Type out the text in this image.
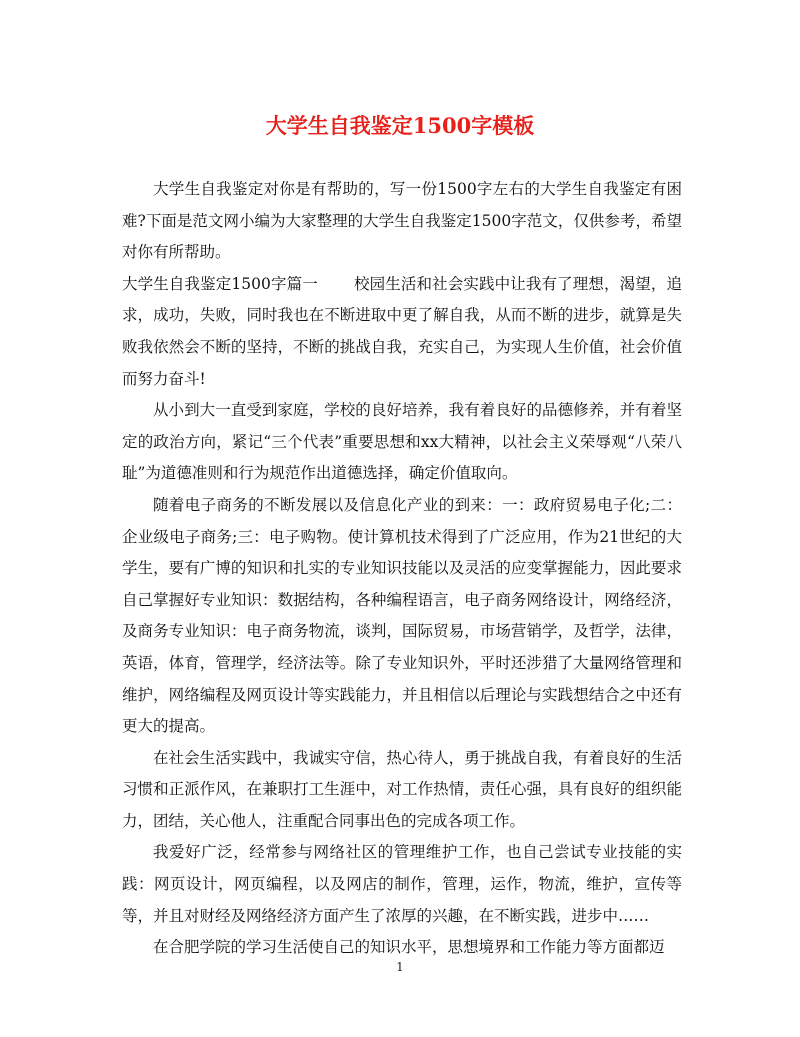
大学生自我鉴定1500字模板

大学生自我鉴定对你是有帮助的，写一份1500字左右的大学生自我鉴定有困难?下面是范文网小编为大家整理的大学生自我鉴定1500字范文，仅供参考，希望对你有所帮助。

大学生自我鉴定1500字篇一 校园生活和社会实践中让我有了理想，渴望，追求，成功，失败，同时我也在不断进取中更了解自我，从而不断的进步，就算是失败我依然会不断的坚持，不断的挑战自我，充实自己，为实现人生价值，社会价值而努力奋斗!

从小到大一直受到家庭，学校的良好培养，我有着良好的品德修养，并有着坚定的政治方向，紧记“三个代表”重要思想和xx大精神，以社会主义荣辱观“八荣八耻”为道德准则和行为规范作出道德选择，确定价值取向。

随着电子商务的不断发展以及信息化产业的到来：一：政府贸易电子化;二：企业级电子商务;三：电子购物。使计算机技术得到了广泛应用，作为21世纪的大学生，要有广博的知识和扎实的专业知识技能以及灵活的应变掌握能力，因此要求自己掌握好专业知识：数据结构，各种编程语言，电子商务网络设计，网络经济，及商务专业知识：电子商务物流，谈判，国际贸易，市场营销学，及哲学，法律，英语，体育，管理学，经济法等。除了专业知识外，平时还涉猎了大量网络管理和维护，网络编程及网页设计等实践能力，并且相信以后理论与实践想结合之中还有更大的提高。

在社会生活实践中，我诚实守信，热心待人，勇于挑战自我，有着良好的生活习惯和正派作风，在兼职打工生涯中，对工作热情，责任心强，具有良好的组织能力，团结，关心他人，注重配合同事出色的完成各项工作。

我爱好广泛，经常参与网络社区的管理维护工作，也自己尝试专业技能的实践：网页设计，网页编程，以及网店的制作，管理，运作，物流，维护，宣传等等，并且对财经及网络经济方面产生了浓厚的兴趣，在不断实践，进步中……

在合肥学院的学习生活使自己的知识水平，思想境界和工作能力等方面都迈

1
